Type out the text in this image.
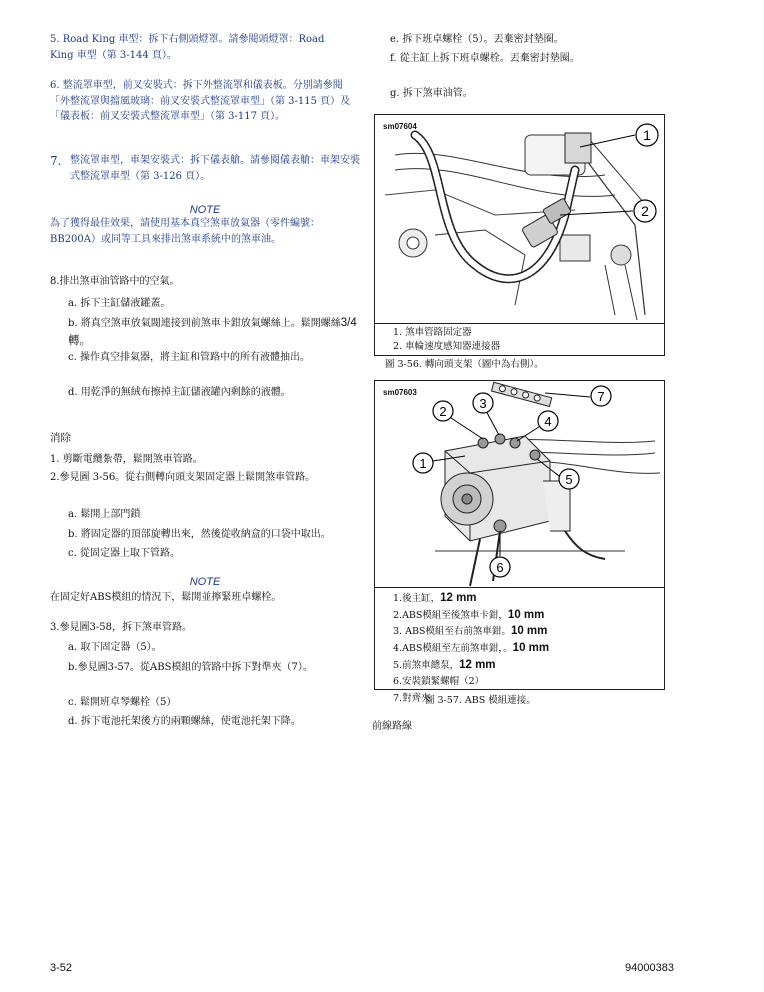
5. Road King 車型：拆下右側頭燈罩。請參閱頭燈罩：Road King 車型（第 3-144 頁）。
6. 整流罩車型，前叉安裝式：拆下外整流罩和儀表板。分別請參閱「外整流罩與擋風玻璃：前叉安裝式整流罩車型」（第 3-115 頁）及「儀表板：前叉安裝式整流罩車型」（第 3-117 頁）。
7. 整流罩車型，車架安裝式：拆下儀表艙。請參閱儀表艙：車架安裝式整流罩車型（第 3-126 頁）。
NOTE
為了獲得最佳效果，請使用基本真空煞車放氣器（零件編號：BB200A）或同等工具來排出煞車系統中的煞車油。
8.排出煞車油管路中的空氣。
a. 拆下主缸儲液罐蓋。
b. 將真空煞車放氣閥連接到前煞車卡鉗放氣螺絲上。鬆開螺絲3/4轉。
c. 操作真空排氣器，將主缸和管路中的所有液體抽出。
d. 用乾淨的無絨布擦掉主缸儲液罐內剩餘的液體。
消除
1. 剪斷電纜紮帶，鬆開煞車管路。
2.參見圖 3-56。從右側轉向頭支架固定器上鬆開煞車管路。
a. 鬆開上部門鎖
b. 將固定器的頂部旋轉出來，然後從收納盒的口袋中取出。
c. 從固定器上取下管路。
NOTE
在固定好ABS模組的情況下，鬆開並擰緊班卓螺栓。
3.參見圖3-58，拆下煞車管路。
a. 取下固定器（5）。
b.參見圖3-57。從ABS模組的管路中拆下對準夾（7）。
c. 鬆開班卓琴螺栓（5）
d. 拆下電池托架後方的兩顆螺絲，使電池托架下降。
e. 拆下班卓螺栓（5）。丟棄密封墊圈。
f. 從主缸上拆下班卓螺栓。丟棄密封墊圈。
g. 拆下煞車油管。
sm07604
1
2
1. 煞車管路固定器
2. 車輪速度感知器連接器
圖 3-56. 轉向頭支架（圖中為右側）。
sm07603
1
2
3
4
5
6
7
1.後主缸，12 mm
2.ABS模組至後煞車卡鉗，10 mm
3. ABS模組至右前煞車鉗。10 mm
4.ABS模組至左前煞車鉗，。10 mm
5.前煞車總泵，12 mm
6.安裝鎖緊螺帽（2）
7.對齊夾
圖 3-57. ABS 模組連接。
前線路線
3-52	94000383
